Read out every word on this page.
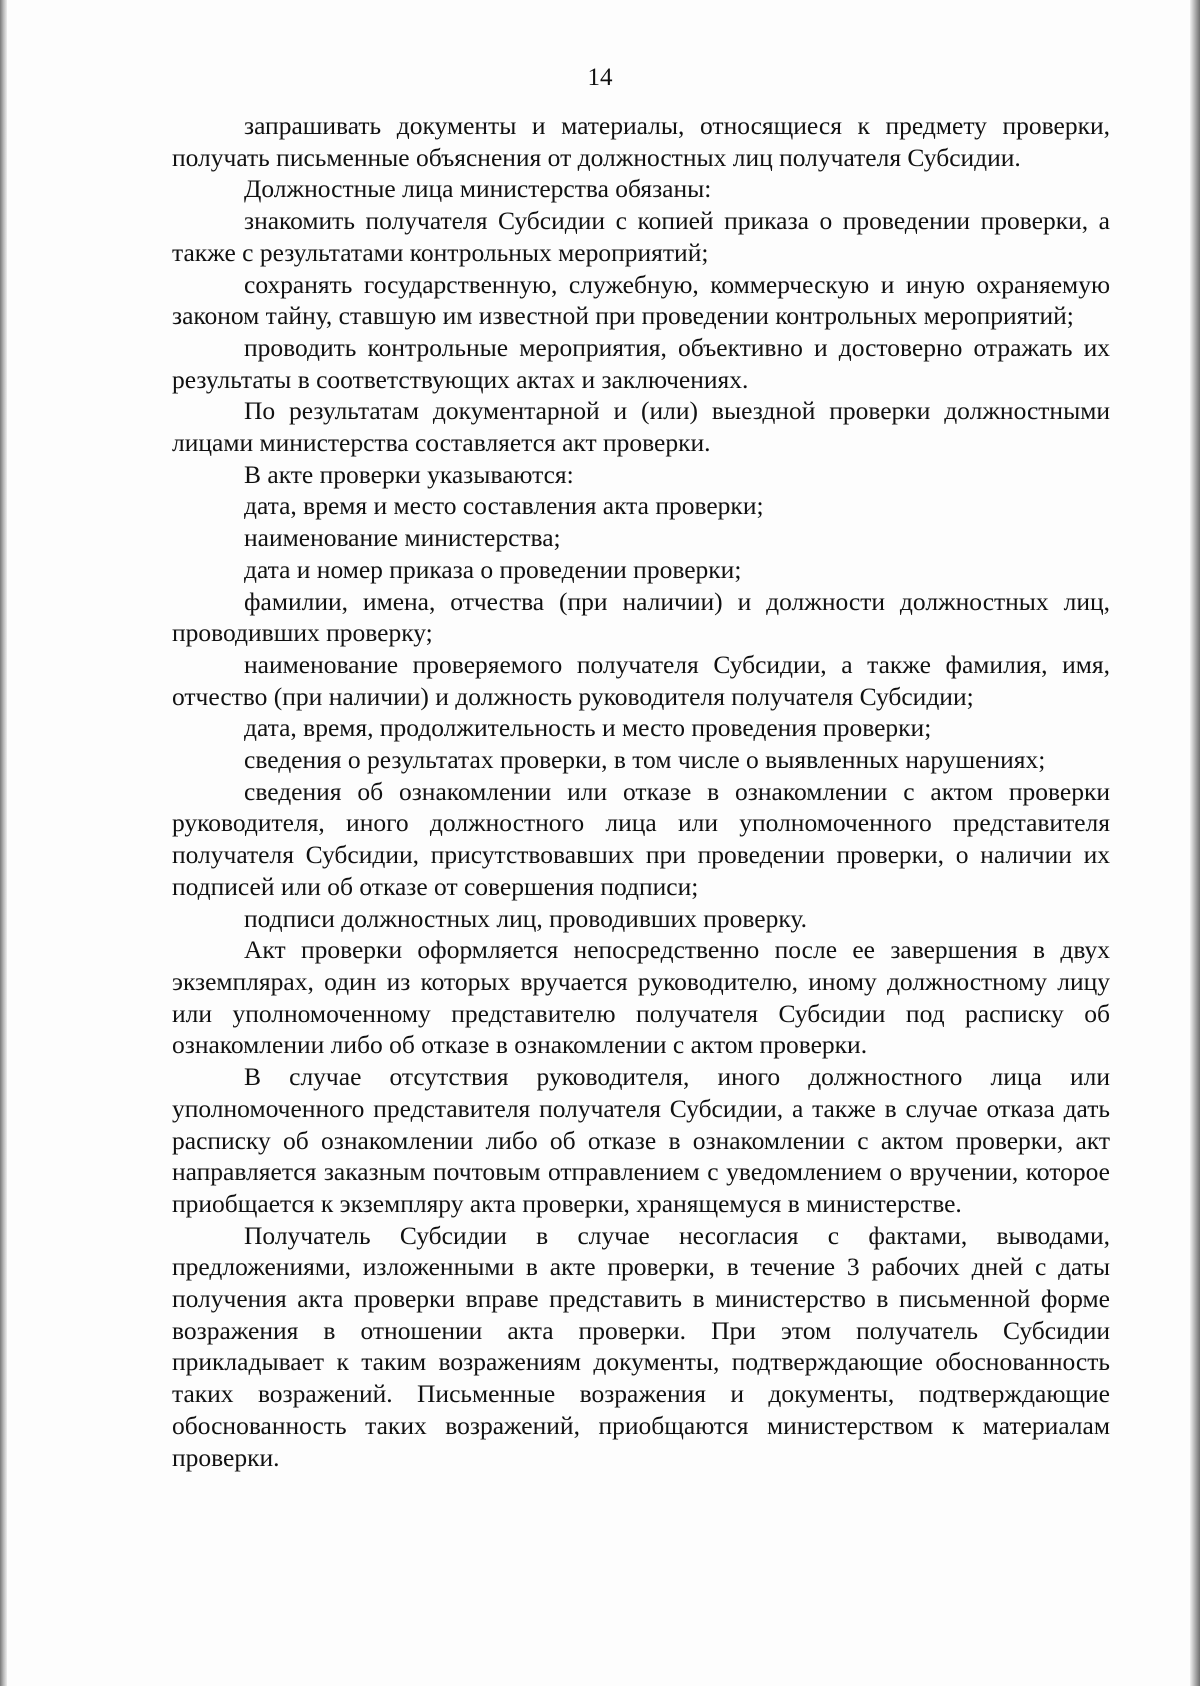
14

запрашивать документы и материалы, относящиеся к предмету проверки, получать письменные объяснения от должностных лиц получателя Субсидии.

Должностные лица министерства обязаны:

знакомить получателя Субсидии с копией приказа о проведении проверки, а также с результатами контрольных мероприятий;

сохранять государственную, служебную, коммерческую и иную охраняемую законом тайну, ставшую им известной при проведении контрольных мероприятий;

проводить контрольные мероприятия, объективно и достоверно отражать их результаты в соответствующих актах и заключениях.

По результатам документарной и (или) выездной проверки должностными лицами министерства составляется акт проверки.

В акте проверки указываются:

дата, время и место составления акта проверки;

наименование министерства;

дата и номер приказа о проведении проверки;

фамилии, имена, отчества (при наличии) и должности должностных лиц, проводивших проверку;

наименование проверяемого получателя Субсидии, а также фамилия, имя, отчество (при наличии) и должность руководителя получателя Субсидии;

дата, время, продолжительность и место проведения проверки;

сведения о результатах проверки, в том числе о выявленных нарушениях;

сведения об ознакомлении или отказе в ознакомлении с актом проверки руководителя, иного должностного лица или уполномоченного представителя получателя Субсидии, присутствовавших при проведении проверки, о наличии их подписей или об отказе от совершения подписи;

подписи должностных лиц, проводивших проверку.

Акт проверки оформляется непосредственно после ее завершения в двух экземплярах, один из которых вручается руководителю, иному должностному лицу или уполномоченному представителю получателя Субсидии под расписку об ознакомлении либо об отказе в ознакомлении с актом проверки.

В случае отсутствия руководителя, иного должностного лица или уполномоченного представителя получателя Субсидии, а также в случае отказа дать расписку об ознакомлении либо об отказе в ознакомлении с актом проверки, акт направляется заказным почтовым отправлением с уведомлением о вручении, которое приобщается к экземпляру акта проверки, хранящемуся в министерстве.

Получатель Субсидии в случае несогласия с фактами, выводами, предложениями, изложенными в акте проверки, в течение 3 рабочих дней с даты получения акта проверки вправе представить в министерство в письменной форме возражения в отношении акта проверки. При этом получатель Субсидии прикладывает к таким возражениям документы, подтверждающие обоснованность таких возражений. Письменные возражения и документы, подтверждающие обоснованность таких возражений, приобщаются министерством к материалам проверки.
